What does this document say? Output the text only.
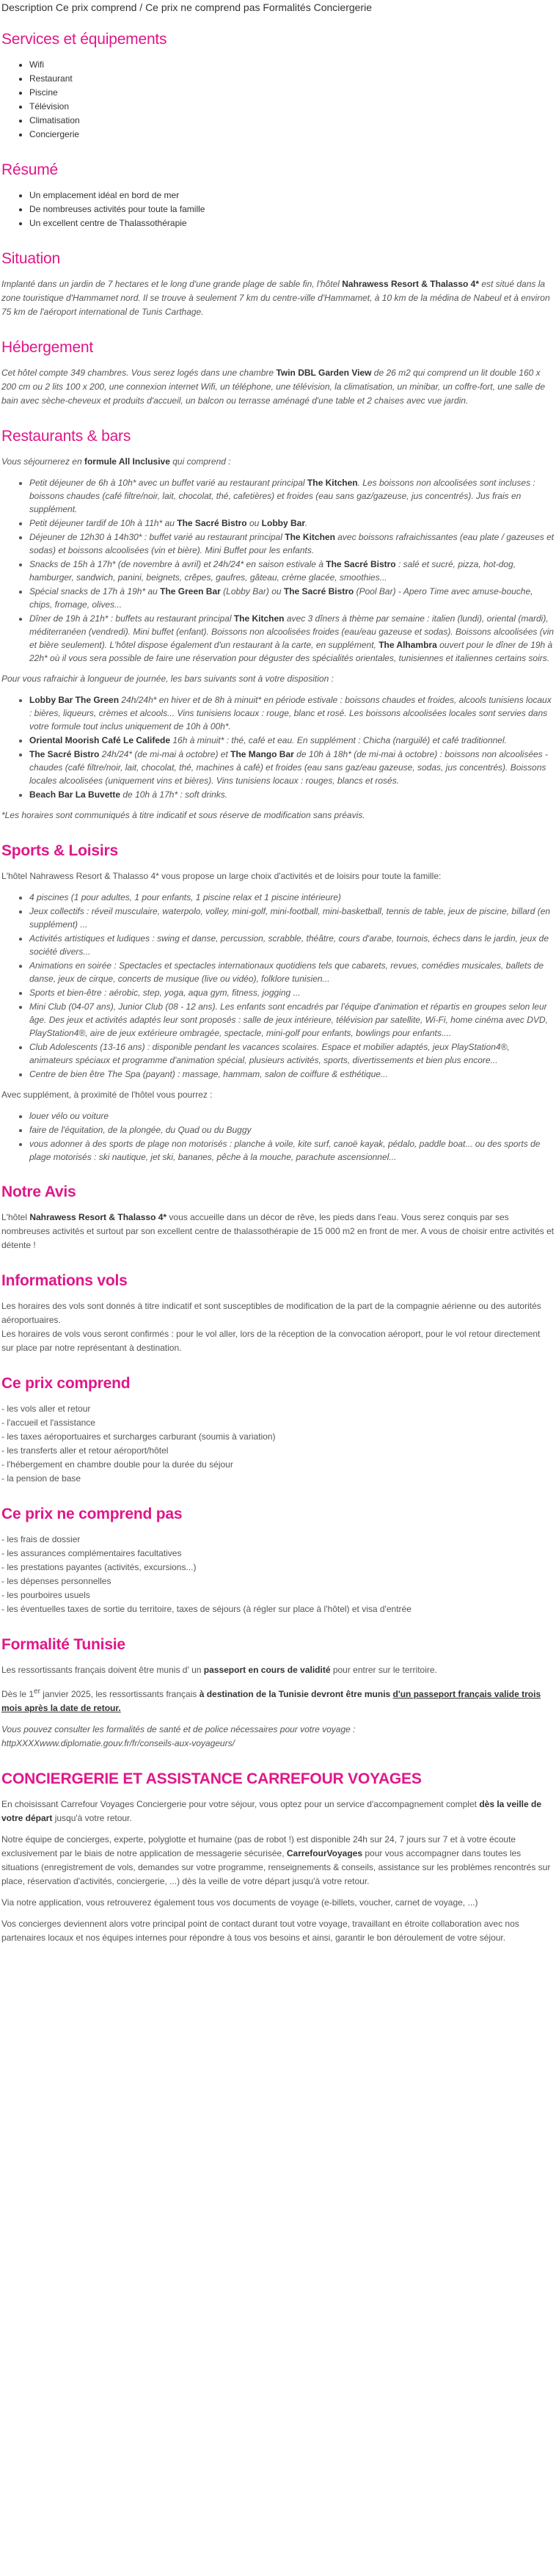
Description Ce prix comprend / Ce prix ne comprend pas Formalités Conciergerie

Services et équipements
• Wifi
• Restaurant
• Piscine
• Télévision
• Climatisation
• Conciergerie
Résumé
• Un emplacement idéal en bord de mer
• De nombreuses activités pour toute la famille
• Un excellent centre de Thalassothérapie
Situation

Implanté dans un jardin de 7 hectares et le long d'une grande plage de sable fin, l'hôtel Nahrawess Resort & Thalasso 4* est situé dans la zone touristique d'Hammamet nord. Il se trouve à seulement 7 km du centre-ville d'Hammamet, à 10 km de la médina de Nabeul et à environ 75 km de l'aéroport international de Tunis Carthage.

Hébergement

Cet hôtel compte 349 chambres. Vous serez logés dans une chambre Twin DBL Garden View de 26 m2 qui comprend un lit double 160 x 200 cm ou 2 lits 100 x 200, une connexion internet Wifi, un téléphone, une télévision, la climatisation, un minibar, un coffre-fort, une salle de bain avec sèche-cheveux et produits d'accueil, un balcon ou terrasse aménagé d'une table et 2 chaises avec vue jardin.

Restaurants & bars

Vous séjournerez en formule All Inclusive qui comprend :

• Petit déjeuner de 6h à 10h* avec un buffet varié au restaurant principal The Kitchen. Les boissons non alcoolisées sont incluses : boissons chaudes (café filtre/noir, lait, chocolat, thé, cafetières) et froides (eau sans gaz/gazeuse, jus concentrés). Jus frais en supplément.
• Petit déjeuner tardif de 10h à 11h* au The Sacré Bistro ou Lobby Bar.
• Déjeuner de 12h30 à 14h30* : buffet varié au restaurant principal The Kitchen avec boissons rafraichissantes (eau plate / gazeuses et sodas) et boissons alcoolisées (vin et bière). Mini Buffet pour les enfants.
• Snacks de 15h à 17h* (de novembre à avril) et 24h/24* en saison estivale à The Sacré Bistro : salé et sucré, pizza, hot-dog, hamburger, sandwich, panini, beignets, crêpes, gaufres, gâteau, crème glacée, smoothies...
• Spécial snacks de 17h à 19h* au The Green Bar (Lobby Bar) ou The Sacré Bistro (Pool Bar) - Apero Time avec amuse-bouche, chips, fromage, olives...
• Dîner de 19h à 21h* : buffets au restaurant principal The Kitchen avec 3 dîners à thème par semaine : italien (lundi), oriental (mardi), méditerranéen (vendredi). Mini buffet (enfant). Boissons non alcoolisées froides (eau/eau gazeuse et sodas). Boissons alcoolisées (vin et bière seulement). L'hôtel dispose également d'un restaurant à la carte, en supplément, The Alhambra ouvert pour le dîner de 19h à 22h* où il vous sera possible de faire une réservation pour déguster des spécialités orientales, tunisiennes et italiennes certains soirs.

Pour vous rafraichir à longueur de journée, les bars suivants sont à votre disposition :

• Lobby Bar The Green 24h/24h* en hiver et de 8h à minuit* en période estivale : boissons chaudes et froides, alcools tunisiens locaux : bières, liqueurs, crèmes et alcools... Vins tunisiens locaux : rouge, blanc et rosé. Les boissons alcoolisées locales sont servies dans votre formule tout inclus uniquement de 10h à 00h*.
• Oriental Moorish Café Le Califede 16h à minuit* : thé, café et eau. En supplément : Chicha (narguilé) et café traditionnel.
• The Sacré Bistro 24h/24* (de mi-mai à octobre) et The Mango Bar de 10h à 18h* (de mi-mai à octobre) : boissons non alcoolisées - chaudes (café filtre/noir, lait, chocolat, thé, machines à café) et froides (eau sans gaz/eau gazeuse, sodas, jus concentrés). Boissons locales alcoolisées (uniquement vins et bières). Vins tunisiens locaux : rouges, blancs et rosés.
• Beach Bar La Buvette de 10h à 17h* : soft drinks.

*Les horaires sont communiqués à titre indicatif et sous réserve de modification sans préavis.

Sports & Loisirs

L'hôtel Nahrawess Resort & Thalasso 4* vous propose un large choix d'activités et de loisirs pour toute la famille:

• 4 piscines (1 pour adultes, 1 pour enfants, 1 piscine relax et 1 piscine intérieure)
• Jeux collectifs : réveil musculaire, waterpolo, volley, mini-golf, mini-football, mini-basketball, tennis de table, jeux de piscine, billard (en supplément) ...
• Activités artistiques et ludiques : swing et danse, percussion, scrabble, théâtre, cours d'arabe, tournois, échecs dans le jardin, jeux de société divers...
• Animations en soirée : Spectacles et spectacles internationaux quotidiens tels que cabarets, revues, comédies musicales, ballets de danse, jeux de cirque, concerts de musique (live ou vidéo), folklore tunisien...
• Sports et bien-être : aérobic, step, yoga, aqua gym, fitness, jogging ...
• Mini Club (04-07 ans), Junior Club (08 - 12 ans). Les enfants sont encadrés par l'équipe d'animation et répartis en groupes selon leur âge. Des jeux et activités adaptés leur sont proposés : salle de jeux intérieure, télévision par satellite, Wi-Fi, home cinéma avec DVD, PlayStation4®, aire de jeux extérieure ombragée, spectacle, mini-golf pour enfants, bowlings pour enfants....
• Club Adolescents (13-16 ans) : disponible pendant les vacances scolaires. Espace et mobilier adaptés, jeux PlayStation4®, animateurs spéciaux et programme d'animation spécial, plusieurs activités, sports, divertissements et bien plus encore...
• Centre de bien être The Spa (payant) : massage, hammam, salon de coiffure & esthétique...

Avec supplément, à proximité de l'hôtel vous pourrez :

• louer vélo ou voiture
• faire de l'équitation, de la plongée, du Quad ou du Buggy
• vous adonner à des sports de plage non motorisés : planche à voile, kite surf, canoë kayak, pédalo, paddle boat... ou des sports de plage motorisés : ski nautique, jet ski, bananes, pêche à la mouche, parachute ascensionnel...
Notre Avis

L'hôtel Nahrawess Resort & Thalasso 4* vous accueille dans un décor de rêve, les pieds dans l'eau. Vous serez conquis par ses nombreuses activités et surtout par son excellent centre de thalassothérapie de 15 000 m2 en front de mer. A vous de choisir entre activités et détente !

Informations vols

Les horaires des vols sont donnés à titre indicatif et sont susceptibles de modification de la part de la compagnie aérienne ou des autorités aéroportuaires.

Les horaires de vols vous seront confirmés : pour le vol aller, lors de la réception de la convocation aéroport, pour le vol retour directement sur place par notre représentant à destination.

Ce prix comprend
- les vols aller et retour
- l'accueil et l'assistance
- les taxes aéroportuaires et surcharges carburant (soumis à variation)
- les transferts aller et retour aéroport/hôtel
- l'hébergement en chambre double pour la durée du séjour
- la pension de base
Ce prix ne comprend pas
- les frais de dossier
- les assurances complémentaires facultatives
- les prestations payantes (activités, excursions...)
- les dépenses personnelles
- les pourboires usuels
- les éventuelles taxes de sortie du territoire, taxes de séjours (à régler sur place à l'hôtel) et visa d'entrée
Formalité Tunisie

Les ressortissants français doivent être munis d' un passeport en cours de validité pour entrer sur le territoire.

Dès le 1er janvier 2025, les ressortissants français à destination de la Tunisie devront être munis d'un passeport français valide trois mois après la date de retour.

Vous pouvez consulter les formalités de santé et de police nécessaires pour votre voyage :

httpXXXXwww.diplomatie.gouv.fr/fr/conseils-aux-voyageurs/

CONCIERGERIE ET ASSISTANCE CARREFOUR VOYAGES

En choisissant Carrefour Voyages Conciergerie pour votre séjour, vous optez pour un service d'accompagnement complet dès la veille de votre départ jusqu'à votre retour.

Notre équipe de concierges, experte, polyglotte et humaine (pas de robot !) est disponible 24h sur 24, 7 jours sur 7 et à votre écoute exclusivement par le biais de notre application de messagerie sécurisée, CarrefourVoyages pour vous accompagner dans toutes les situations (enregistrement de vols, demandes sur votre programme, renseignements & conseils, assistance sur les problèmes rencontrés sur place, réservation d'activités, conciergerie, ...) dès la veille de votre départ jusqu'à votre retour.

Via notre application, vous retrouverez également tous vos documents de voyage (e-billets, voucher, carnet de voyage, ...)

Vos concierges deviennent alors votre principal point de contact durant tout votre voyage, travaillant en étroite collaboration avec nos partenaires locaux et nos équipes internes pour répondre à tous vos besoins et ainsi, garantir le bon déroulement de votre séjour.
